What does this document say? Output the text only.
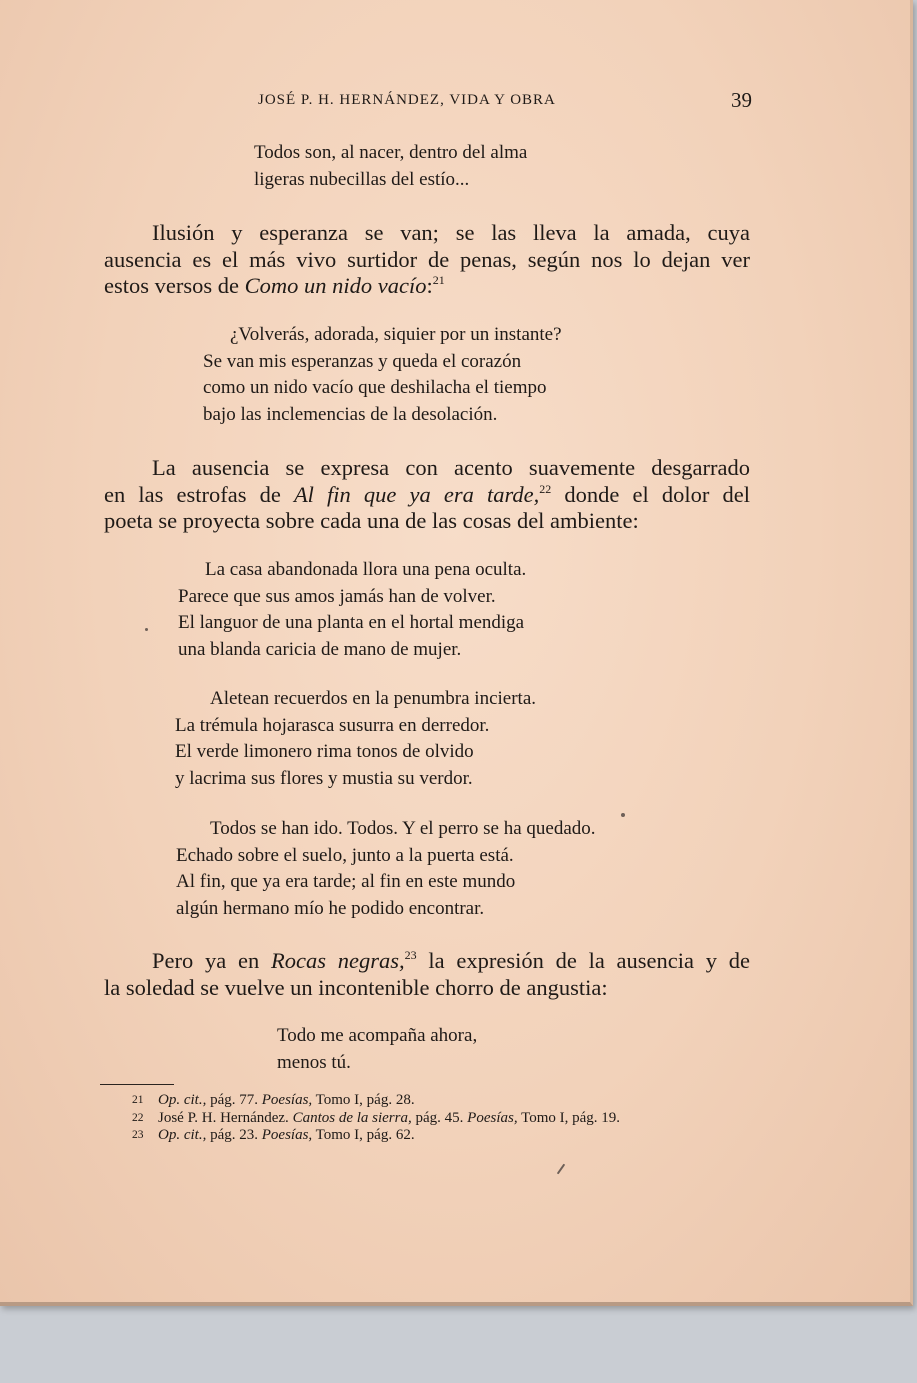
JOSÉ P. H. HERNÁNDEZ, VIDA Y OBRA	39
Todos son, al nacer, dentro del alma
ligeras nubecillas del estío...
Ilusión y esperanza se van; se las lleva la amada, cuya
ausencia es el más vivo surtidor de penas, según nos lo dejan ver
estos versos de Como un nido vacío:$^{21}$
¿Volverás, adorada, siquier por un instante?
Se van mis esperanzas y queda el corazón
como un nido vacío que deshilacha el tiempo
bajo las inclemencias de la desolación.
La ausencia se expresa con acento suavemente desgarrado
en las estrofas de Al fin que ya era tarde,$^{22}$ donde el dolor del
poeta se proyecta sobre cada una de las cosas del ambiente:
La casa abandonada llora una pena oculta.
Parece que sus amos jamás han de volver.
El languor de una planta en el hortal mendiga
una blanda caricia de mano de mujer.
Aletean recuerdos en la penumbra incierta.
La trémula hojarasca susurra en derredor.
El verde limonero rima tonos de olvido
y lacrima sus flores y mustia su verdor.
Todos se han ido. Todos. Y el perro se ha quedado.
Echado sobre el suelo, junto a la puerta está.
Al fin, que ya era tarde; al fin en este mundo
algún hermano mío he podido encontrar.
Pero ya en Rocas negras,$^{23}$ la expresión de la ausencia y de
la soledad se vuelve un incontenible chorro de angustia:
Todo me acompaña ahora,
menos tú.
21 Op. cit., pág. 77. Poesías, Tomo I, pág. 28.
22 José P. H. Hernández. Cantos de la sierra, pág. 45. Poesías, Tomo I, pág. 19.
23 Op. cit., pág. 23. Poesías, Tomo I, pág. 62.
